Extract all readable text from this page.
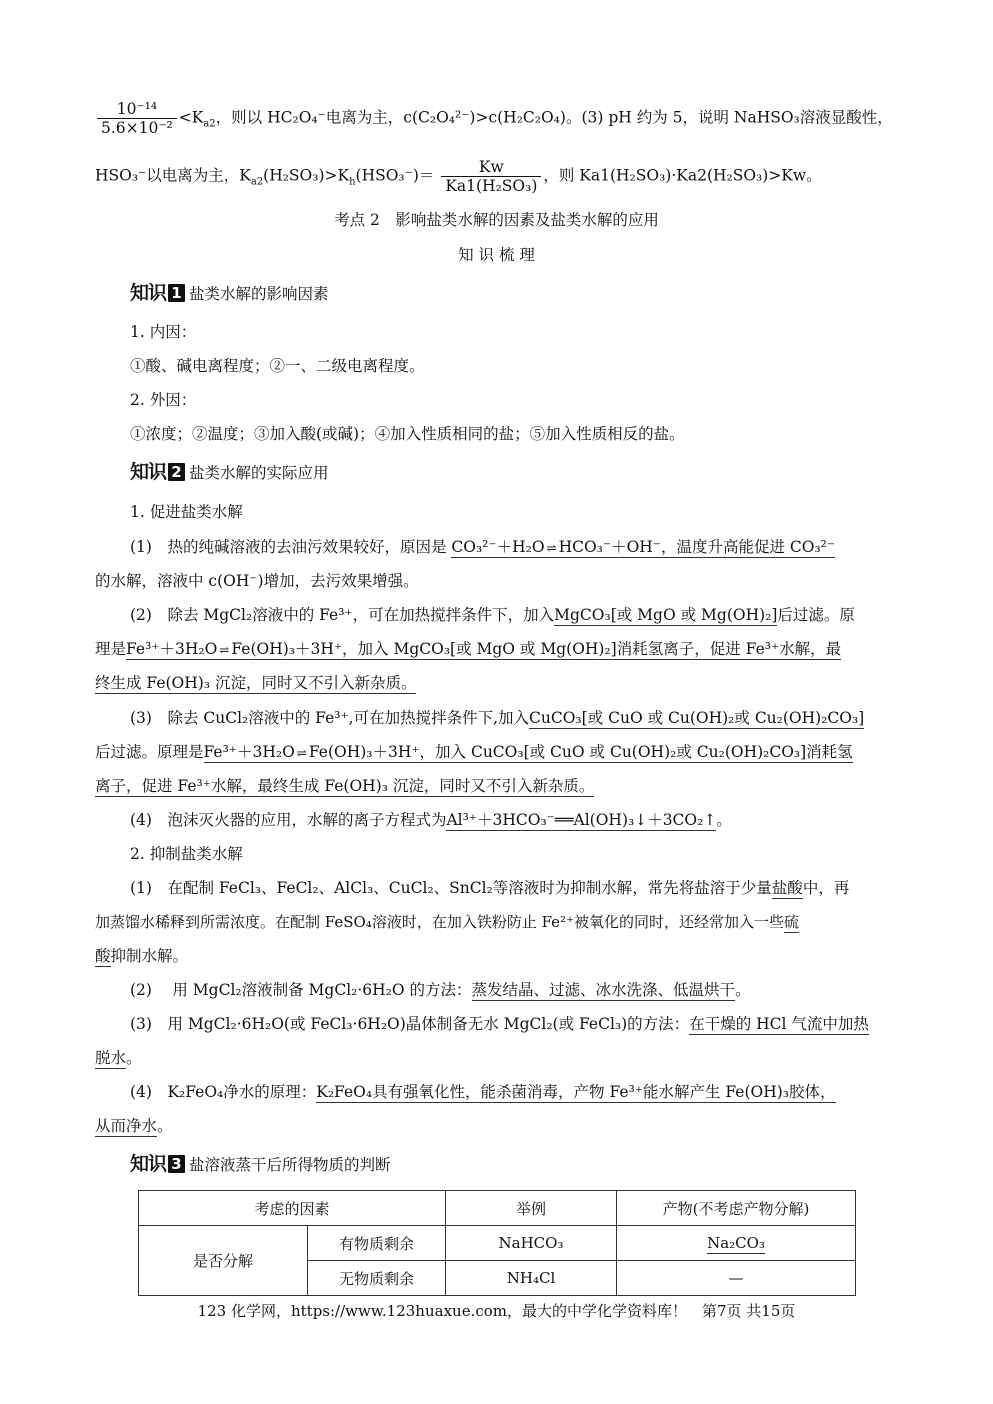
$\frac{\text{10⁻¹⁴}}{\text{5.6×10⁻²}} <K_{a2}$，则以 HC₂O₄⁻电离为主，c(C₂O₄²⁻)>c(H₂C₂O₄)。(3) pH 约为 5，说明 NaHSO₃溶液显酸性，
HSO₃⁻以电离为主，$K_{a2}(H_2SO_3)>K_h(HSO_3^-)= \frac{Kw}{\text{Ka1(H₂SO₃)}}$ ，则 Ka1(H₂SO₃)·Ka2(H₂SO₃)>Kw。
考点 2　影响盐类水解的因素及盐类水解的应用
知 识 梳 理
知识 1 盐类水解的影响因素
1. 内因：
①酸、碱电离程度；②一、二级电离程度。
2. 外因：
①浓度；②温度；③加入酸(或碱)；④加入性质相同的盐；⑤加入性质相反的盐。
知识 2 盐类水解的实际应用
1. 促进盐类水解
(1)　热的纯碱溶液的去油污效果较好，原因是 CO₃²⁻＋H₂O ⇌ HCO₃⁻＋OH⁻，温度升高能促进 CO₃²⁻
的水解，溶液中 c(OH⁻)增加，去污效果增强。
(2)　除去 MgCl₂溶液中的 Fe³⁺，可在加热搅拌条件下，加入MgCO₃[或 MgO 或 Mg(OH)₂]后过滤。原
理是Fe³⁺＋3H₂O ⇌ Fe(OH)₃＋3H⁺，加入 MgCO₃[或 MgO 或 Mg(OH)₂]消耗氢离子，促进 Fe³⁺水解，最
终生成 Fe(OH)₃ 沉淀，同时又不引入新杂质。
(3)　除去 CuCl₂溶液中的 Fe³⁺,可在加热搅拌条件下,加入CuCO₃[或 CuO 或 Cu(OH)₂或 Cu₂(OH)₂CO₃]
后过滤。原理是Fe³⁺＋3H₂O ⇌ Fe(OH)₃＋3H⁺，加入 CuCO₃[或 CuO 或 Cu(OH)₂或 Cu₂(OH)₂CO₃]消耗氢
离子，促进 Fe³⁺水解，最终生成 Fe(OH)₃ 沉淀，同时又不引入新杂质。
(4)　泡沫灭火器的应用，水解的离子方程式为Al³⁺＋3HCO₃⁻══Al(OH)₃↓＋3CO₂↑。
2. 抑制盐类水解
(1)　在配制 FeCl₃、FeCl₂、AlCl₃、CuCl₂、SnCl₂等溶液时为抑制水解，常先将盐溶于少量盐酸中，再
加蒸馏水稀释到所需浓度。在配制 FeSO₄溶液时，在加入铁粉防止 Fe²⁺被氧化的同时，还经常加入一些硫
酸抑制水解。
(2)　 用 MgCl₂溶液制备 MgCl₂·6H₂O 的方法：蒸发结晶、过滤、冰水洗涤、低温烘干。
(3)　用 MgCl₂·6H₂O(或 FeCl₃·6H₂O)晶体制备无水 MgCl₂(或 FeCl₃)的方法：在干燥的 HCl 气流中加热
脱水。
(4)　K₂FeO₄净水的原理：K₂FeO₄具有强氧化性，能杀菌消毒，产物 Fe³⁺能水解产生 Fe(OH)₃胶体，
从而净水。
知识 3 盐溶液蒸干后所得物质的判断
考虑的因素		举例	产物(不考虑产物分解)
是否分解	有物质剩余	NaHCO₃	Na₂CO₃
	无物质剩余	NH₄Cl	—
123 化学网，https://www.123huaxue.com，最大的中学化学资料库！　第7页 共15页
